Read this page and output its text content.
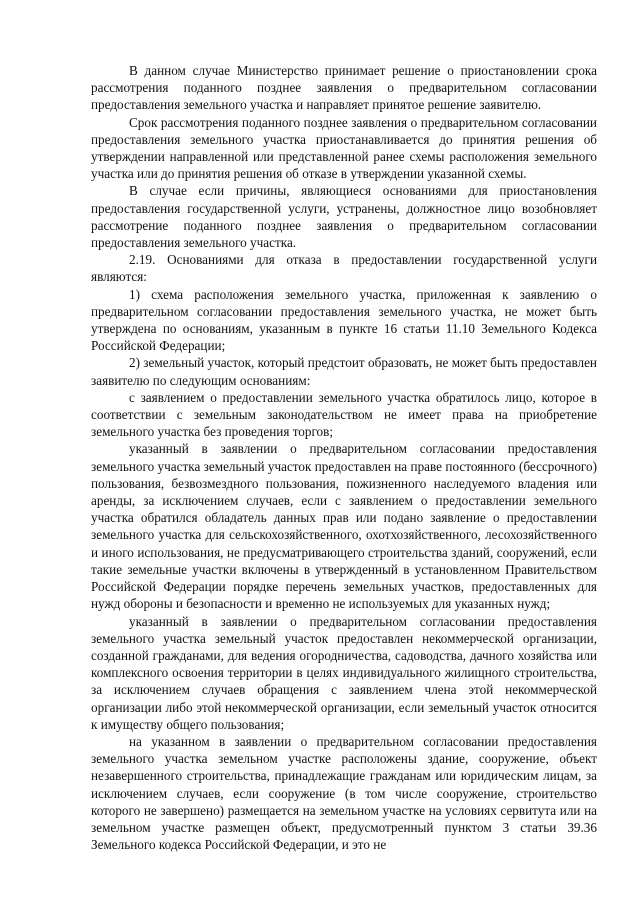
В данном случае Министерство принимает решение о приостановлении срока рассмотрения поданного позднее заявления о предварительном согласовании предоставления земельного участка и направляет принятое решение заявителю.

Срок рассмотрения поданного позднее заявления о предварительном согласовании предоставления земельного участка приостанавливается до принятия решения об утверждении направленной или представленной ранее схемы расположения земельного участка или до принятия решения об отказе в утверждении указанной схемы.

В случае если причины, являющиеся основаниями для приостановления предоставления государственной услуги, устранены, должностное лицо возобновляет рассмотрение поданного позднее заявления о предварительном согласовании предоставления земельного участка.

2.19. Основаниями для отказа в предоставлении государственной услуги являются:

1) схема расположения земельного участка, приложенная к заявлению о предварительном согласовании предоставления земельного участка, не может быть утверждена по основаниям, указанным в пункте 16 статьи 11.10 Земельного Кодекса Российской Федерации;

2) земельный участок, который предстоит образовать, не может быть предоставлен заявителю по следующим основаниям:

с заявлением о предоставлении земельного участка обратилось лицо, которое в соответствии с земельным законодательством не имеет права на приобретение земельного участка без проведения торгов;

указанный в заявлении о предварительном согласовании предоставления земельного участка земельный участок предоставлен на праве постоянного (бессрочного) пользования, безвозмездного пользования, пожизненного наследуемого владения или аренды, за исключением случаев, если с заявлением о предоставлении земельного участка обратился обладатель данных прав или подано заявление о предоставлении земельного участка для сельскохозяйственного, охотхозяйственного, лесохозяйственного и иного использования, не предусматривающего строительства зданий, сооружений, если такие земельные участки включены в утвержденный в установленном Правительством Российской Федерации порядке перечень земельных участков, предоставленных для нужд обороны и безопасности и временно не используемых для указанных нужд;

указанный в заявлении о предварительном согласовании предоставления земельного участка земельный участок предоставлен некоммерческой организации, созданной гражданами, для ведения огородничества, садоводства, дачного хозяйства или комплексного освоения территории в целях индивидуального жилищного строительства, за исключением случаев обращения с заявлением члена этой некоммерческой организации либо этой некоммерческой организации, если земельный участок относится к имуществу общего пользования;

на указанном в заявлении о предварительном согласовании предоставления земельного участка земельном участке расположены здание, сооружение, объект незавершенного строительства, принадлежащие гражданам или юридическим лицам, за исключением случаев, если сооружение (в том числе сооружение, строительство которого не завершено) размещается на земельном участке на условиях сервитута или на земельном участке размещен объект, предусмотренный пунктом 3 статьи 39.36 Земельного кодекса Российской Федерации, и это не
